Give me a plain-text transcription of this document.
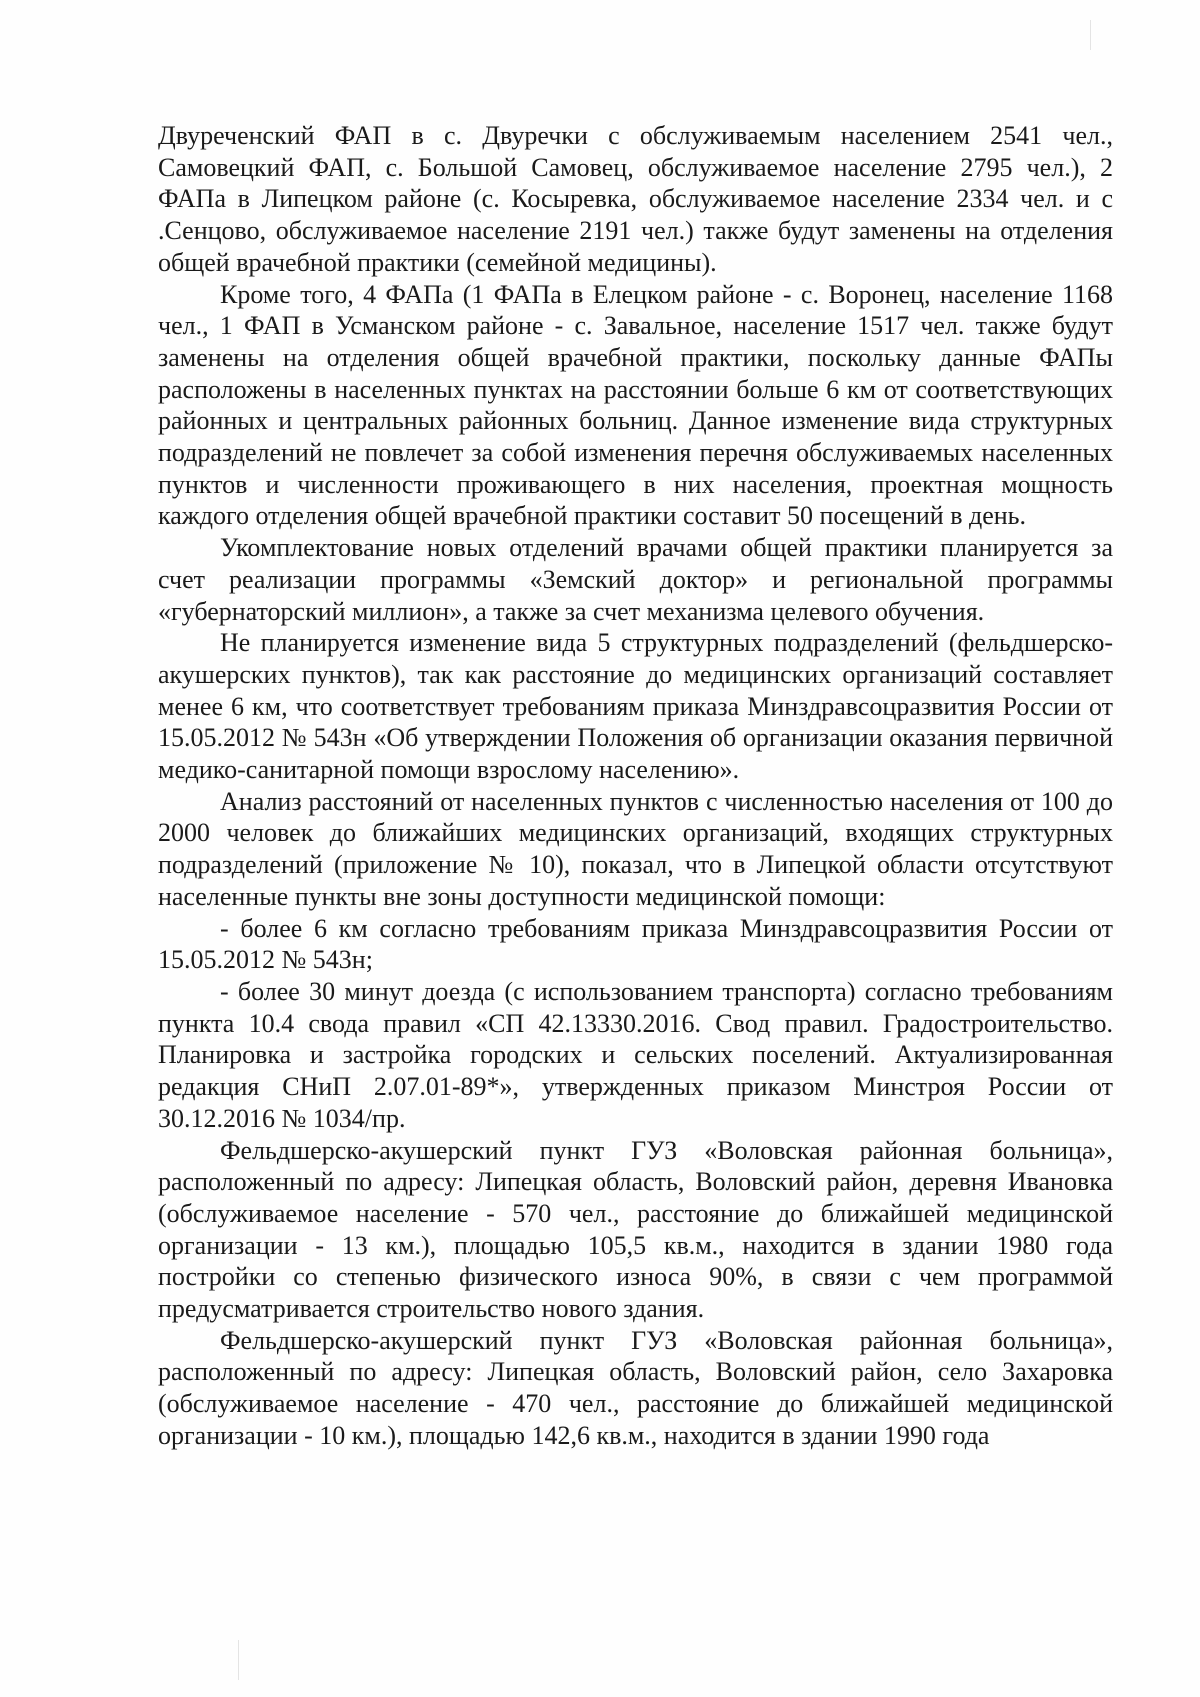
Двуреченский ФАП в с. Двуречки с обслуживаемым населением 2541 чел., Самовецкий ФАП, с. Большой Самовец, обслуживаемое население 2795 чел.), 2 ФАПа в Липецком районе (с. Косыревка, обслуживаемое население 2334 чел. и с .Сенцово, обслуживаемое население 2191 чел.) также будут заменены на отделения общей врачебной практики (семейной медицины).

Кроме того, 4 ФАПа (1 ФАПа в Елецком районе - с. Воронец, население 1168 чел., 1 ФАП в Усманском районе - с. Завальное, население 1517 чел. также будут заменены на отделения общей врачебной практики, поскольку данные ФАПы расположены в населенных пунктах на расстоянии больше 6 км от соответствующих районных и центральных районных больниц. Данное изменение вида структурных подразделений не повлечет за собой изменения перечня обслуживаемых населенных пунктов и численности проживающего в них населения, проектная мощность каждого отделения общей врачебной практики составит 50 посещений в день.

Укомплектование новых отделений врачами общей практики планируется за счет реализации программы «Земский доктор» и региональной программы «губернаторский миллион», а также за счет механизма целевого обучения.

Не планируется изменение вида 5 структурных подразделений (фельдшерско-акушерских пунктов), так как расстояние до медицинских организаций составляет менее 6 км, что соответствует требованиям приказа Минздравсоцразвития России от 15.05.2012 № 543н «Об утверждении Положения об организации оказания первичной медико-санитарной помощи взрослому населению».

Анализ расстояний от населенных пунктов с численностью населения от 100 до 2000 человек до ближайших медицинских организаций, входящих структурных подразделений (приложение № 10), показал, что в Липецкой области отсутствуют населенные пункты вне зоны доступности медицинской помощи:

- более 6 км согласно требованиям приказа Минздравсоцразвития России от 15.05.2012 № 543н;

- более 30 минут доезда (с использованием транспорта) согласно требованиям пункта 10.4 свода правил «СП 42.13330.2016. Свод правил. Градостроительство. Планировка и застройка городских и сельских поселений. Актуализированная редакция СНиП 2.07.01-89*», утвержденных приказом Минстроя России от 30.12.2016 № 1034/пр.

Фельдшерско-акушерский пункт ГУЗ «Воловская районная больница», расположенный по адресу: Липецкая область, Воловский район, деревня Ивановка (обслуживаемое население - 570 чел., расстояние до ближайшей медицинской организации - 13 км.), площадью 105,5 кв.м., находится в здании 1980 года постройки со степенью физического износа 90%, в связи с чем программой предусматривается строительство нового здания.

Фельдшерско-акушерский пункт ГУЗ «Воловская районная больница», расположенный по адресу: Липецкая область, Воловский район, село Захаровка (обслуживаемое население - 470 чел., расстояние до ближайшей медицинской организации - 10 км.), площадью 142,6 кв.м., находится в здании 1990 года
